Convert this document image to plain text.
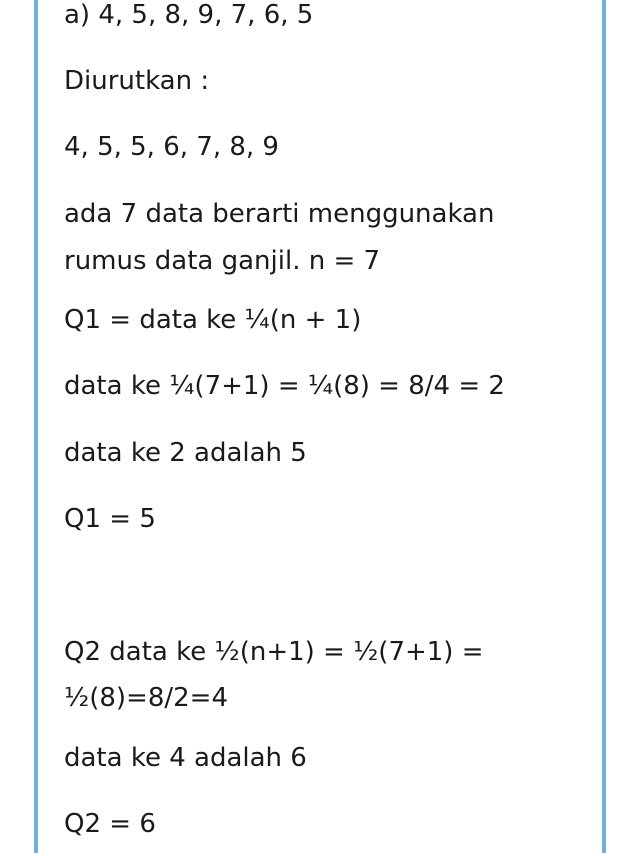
a) 4, 5, 8, 9, 7, 6, 5
Diurutkan :
4, 5, 5, 6, 7, 8, 9
ada 7 data berarti menggunakan
rumus data ganjil. n = 7
Q1 = data ke ¼(n + 1)
data ke ¼(7+1) = ¼(8) = 8/4 = 2
data ke 2 adalah 5
Q1 = 5
Q2 data ke ½(n+1) = ½(7+1) =
½(8)=8/2=4
data ke 4 adalah 6
Q2 = 6
